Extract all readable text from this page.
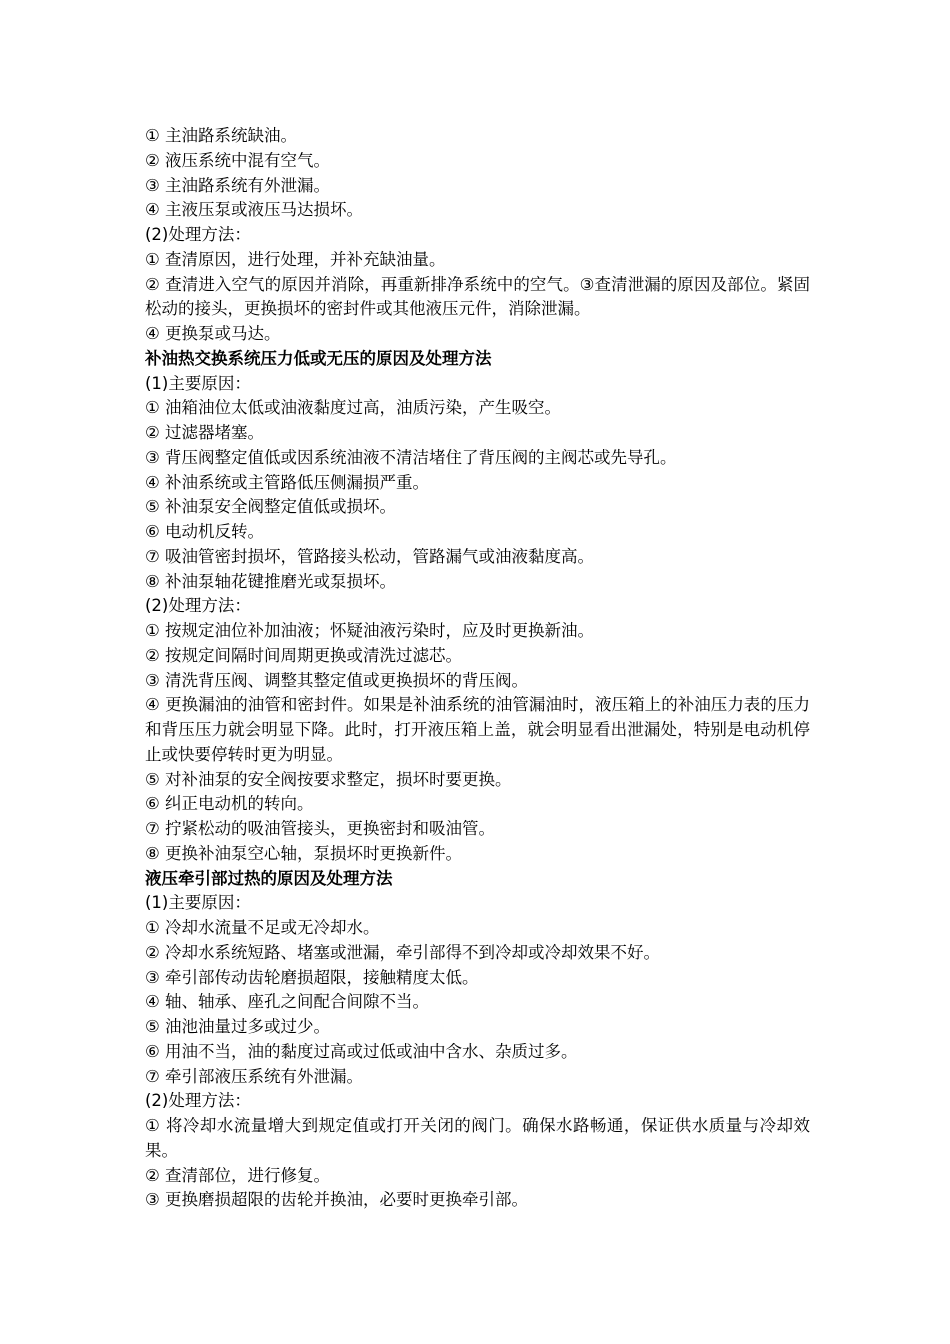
① 主油路系统缺油。

② 液压系统中混有空气。

③ 主油路系统有外泄漏。

④ 主液压泵或液压马达损坏。

(2)处理方法：

① 查清原因，进行处理，并补充缺油量。

② 查清进入空气的原因并消除，再重新排净系统中的空气。③查清泄漏的原因及部位。紧固松动的接头，更换损坏的密封件或其他液压元件，消除泄漏。

④ 更换泵或马达。

补油热交换系统压力低或无压的原因及处理方法

(1)主要原因：

① 油箱油位太低或油液黏度过高，油质污染，产生吸空。

② 过滤器堵塞。

③ 背压阀整定值低或因系统油液不清洁堵住了背压阀的主阀芯或先导孔。

④ 补油系统或主管路低压侧漏损严重。

⑤ 补油泵安全阀整定值低或损坏。

⑥ 电动机反转。

⑦ 吸油管密封损坏，管路接头松动，管路漏气或油液黏度高。

⑧ 补油泵轴花键推磨光或泵损坏。

(2)处理方法：

① 按规定油位补加油液；怀疑油液污染时，应及时更换新油。

② 按规定间隔时间周期更换或清洗过滤芯。

③ 清洗背压阀、调整其整定值或更换损坏的背压阀。

④ 更换漏油的油管和密封件。如果是补油系统的油管漏油时，液压箱上的补油压力表的压力和背压压力就会明显下降。此时，打开液压箱上盖，就会明显看出泄漏处，特别是电动机停止或快要停转时更为明显。

⑤ 对补油泵的安全阀按要求整定，损坏时要更换。

⑥ 纠正电动机的转向。

⑦ 拧紧松动的吸油管接头，更换密封和吸油管。

⑧ 更换补油泵空心轴，泵损坏时更换新件。

液压牵引部过热的原因及处理方法

(1)主要原因：

① 冷却水流量不足或无冷却水。

② 冷却水系统短路、堵塞或泄漏，牵引部得不到冷却或冷却效果不好。

③ 牵引部传动齿轮磨损超限，接触精度太低。

④ 轴、轴承、座孔之间配合间隙不当。

⑤ 油池油量过多或过少。

⑥ 用油不当，油的黏度过高或过低或油中含水、杂质过多。

⑦ 牵引部液压系统有外泄漏。

(2)处理方法：

① 将冷却水流量增大到规定值或打开关闭的阀门。确保水路畅通，保证供水质量与冷却效果。

② 查清部位，进行修复。

③ 更换磨损超限的齿轮并换油，必要时更换牵引部。
